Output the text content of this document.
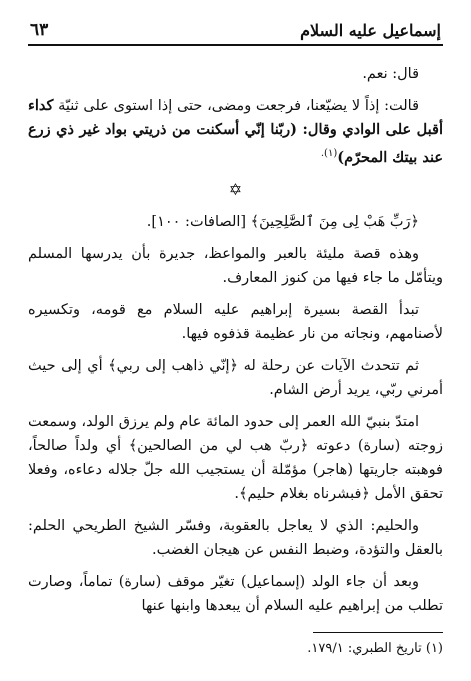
إسماعيل عليه السلام
٦٣

قال: نعم.

قالت: إذاً لا يضيّعنا، فرجعت ومضى، حتى إذا استوى على ثنيّة كداء أقبل على الوادي وقال: (ربّنا إنّي أسكنت من ذريتي بواد غير ذي زرع عند بيتك المحرّم)$^{(١).}$

✡

﴿رَبِّ هَبْ لِى مِنَ ٱلصَّٰلِحِينَ﴾ [الصافات: ١٠٠].

وهذه قصة مليئة بالعبر والمواعظ، جديرة بأن يدرسها المسلم ويتأمّل ما جاء فيها من كنوز المعارف.

تبدأ القصة بسيرة إبراهيم عليه السلام مع قومه، وتكسيره لأصنامهم، ونجاته من نار عظيمة قذفوه فيها.

ثم تتحدث الآيات عن رحلة له ﴿إنّي ذاهب إلى ربي﴾ أي إلى حيث أمرني ربّي، يريد أرض الشام.

امتدّ بنبيّ الله العمر إلى حدود المائة عام ولم يرزق الولد، وسمعت زوجته (سارة) دعوته ﴿ربّ هب لي من الصالحين﴾ أي ولداً صالحاً، فوهبته جاريتها (هاجر) مؤمّلة أن يستجيب الله جلّ جلاله دعاءه، وفعلا تحقق الأمل ﴿فبشرناه بغلام حليم﴾.

والحليم: الذي لا يعاجل بالعقوبة، وفسّر الشيخ الطريحي الحلم: بالعقل والتؤدة، وضبط النفس عن هيجان الغضب.

وبعد أن جاء الولد (إسماعيل) تغيّر موقف (سارة) تماماً، وصارت تطلب من إبراهيم عليه السلام أن يبعدها وابنها عنها

(١) تاريخ الطبري: ١٧٩/١.
